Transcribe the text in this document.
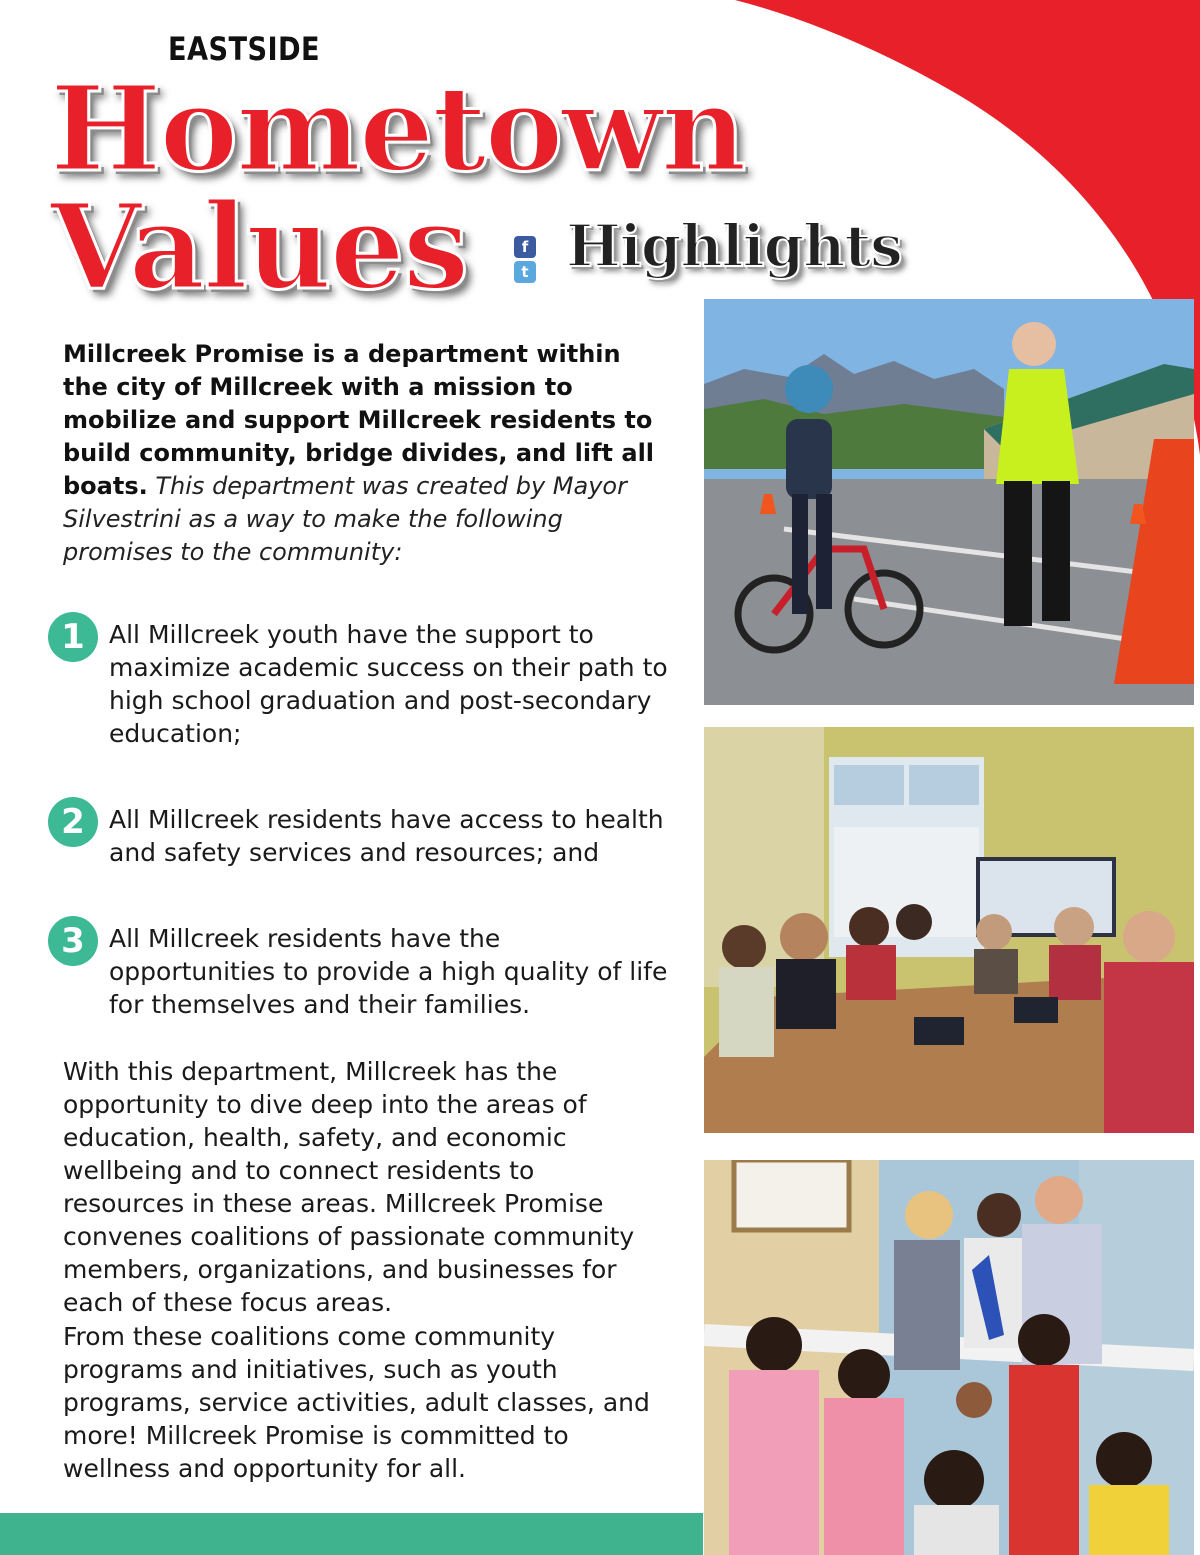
EASTSIDE
Hometown
Values	f
t Highlights
Millcreek Promise is a department within the city of Millcreek with a mission to mobilize and support Millcreek residents to build community, bridge divides, and lift all boats. This department was created by Mayor Silvestrini as a way to make the following promises to the community:
1 All Millcreek youth have the support to maximize academic success on their path to high school graduation and post-secondary education;
2 All Millcreek residents have access to health and safety services and resources; and
3 All Millcreek residents have the opportunities to provide a high quality of life for themselves and their families.
With this department, Millcreek has the opportunity to dive deep into the areas of education, health, safety, and economic wellbeing and to connect residents to resources in these areas. Millcreek Promise convenes coalitions of passionate community members, organizations, and businesses for each of these focus areas.
From these coalitions come community programs and initiatives, such as youth programs, service activities, adult classes, and more! Millcreek Promise is committed to wellness and opportunity for all.
